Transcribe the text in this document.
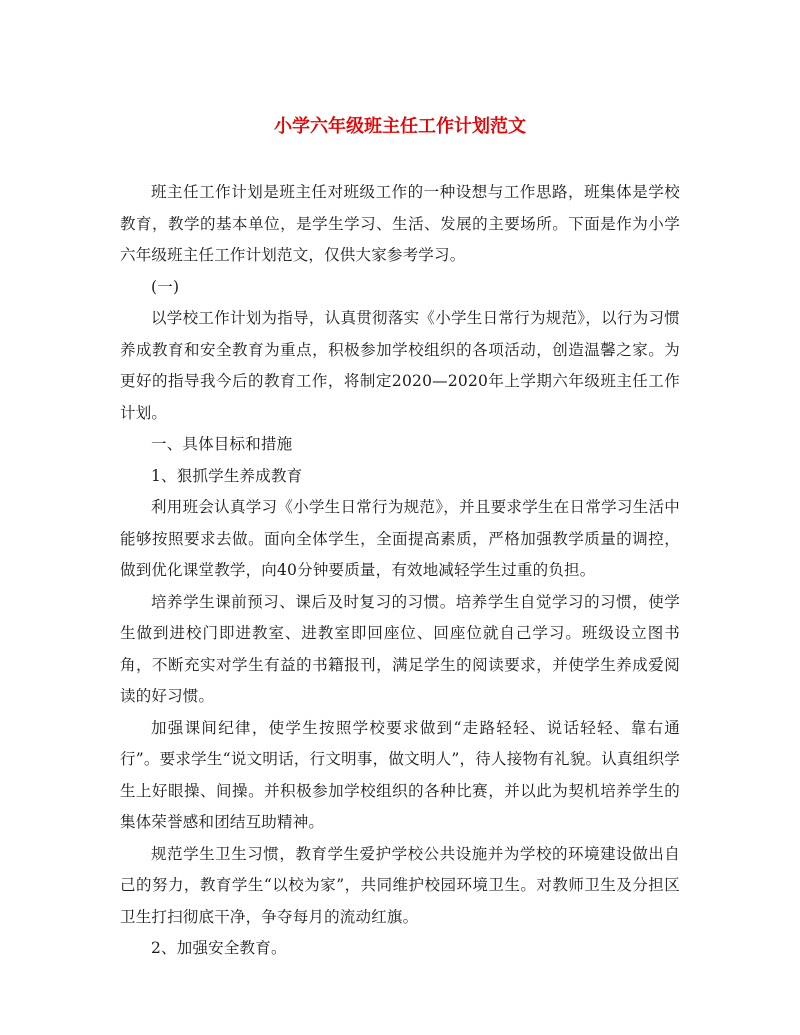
小学六年级班主任工作计划范文

班主任工作计划是班主任对班级工作的一种设想与工作思路，班集体是学校教育，教学的基本单位，是学生学习、生活、发展的主要场所。下面是作为小学六年级班主任工作计划范文，仅供大家参考学习。

(一)

以学校工作计划为指导，认真贯彻落实《小学生日常行为规范》，以行为习惯养成教育和安全教育为重点，积极参加学校组织的各项活动，创造温馨之家。为更好的指导我今后的教育工作，将制定2020—2020年上学期六年级班主任工作计划。

一、具体目标和措施

1、狠抓学生养成教育

利用班会认真学习《小学生日常行为规范》，并且要求学生在日常学习生活中能够按照要求去做。面向全体学生，全面提高素质，严格加强教学质量的调控，做到优化课堂教学，向40分钟要质量，有效地减轻学生过重的负担。

培养学生课前预习、课后及时复习的习惯。培养学生自觉学习的习惯，使学生做到进校门即进教室、进教室即回座位、回座位就自己学习。班级设立图书角，不断充实对学生有益的书籍报刊，满足学生的阅读要求，并使学生养成爱阅读的好习惯。

加强课间纪律，使学生按照学校要求做到“走路轻轻、说话轻轻、靠右通行”。要求学生“说文明话，行文明事，做文明人”，待人接物有礼貌。认真组织学生上好眼操、间操。并积极参加学校组织的各种比赛，并以此为契机培养学生的集体荣誉感和团结互助精神。

规范学生卫生习惯，教育学生爱护学校公共设施并为学校的环境建设做出自己的努力，教育学生“以校为家”，共同维护校园环境卫生。对教师卫生及分担区卫生打扫彻底干净，争夺每月的流动红旗。

2、加强安全教育。
